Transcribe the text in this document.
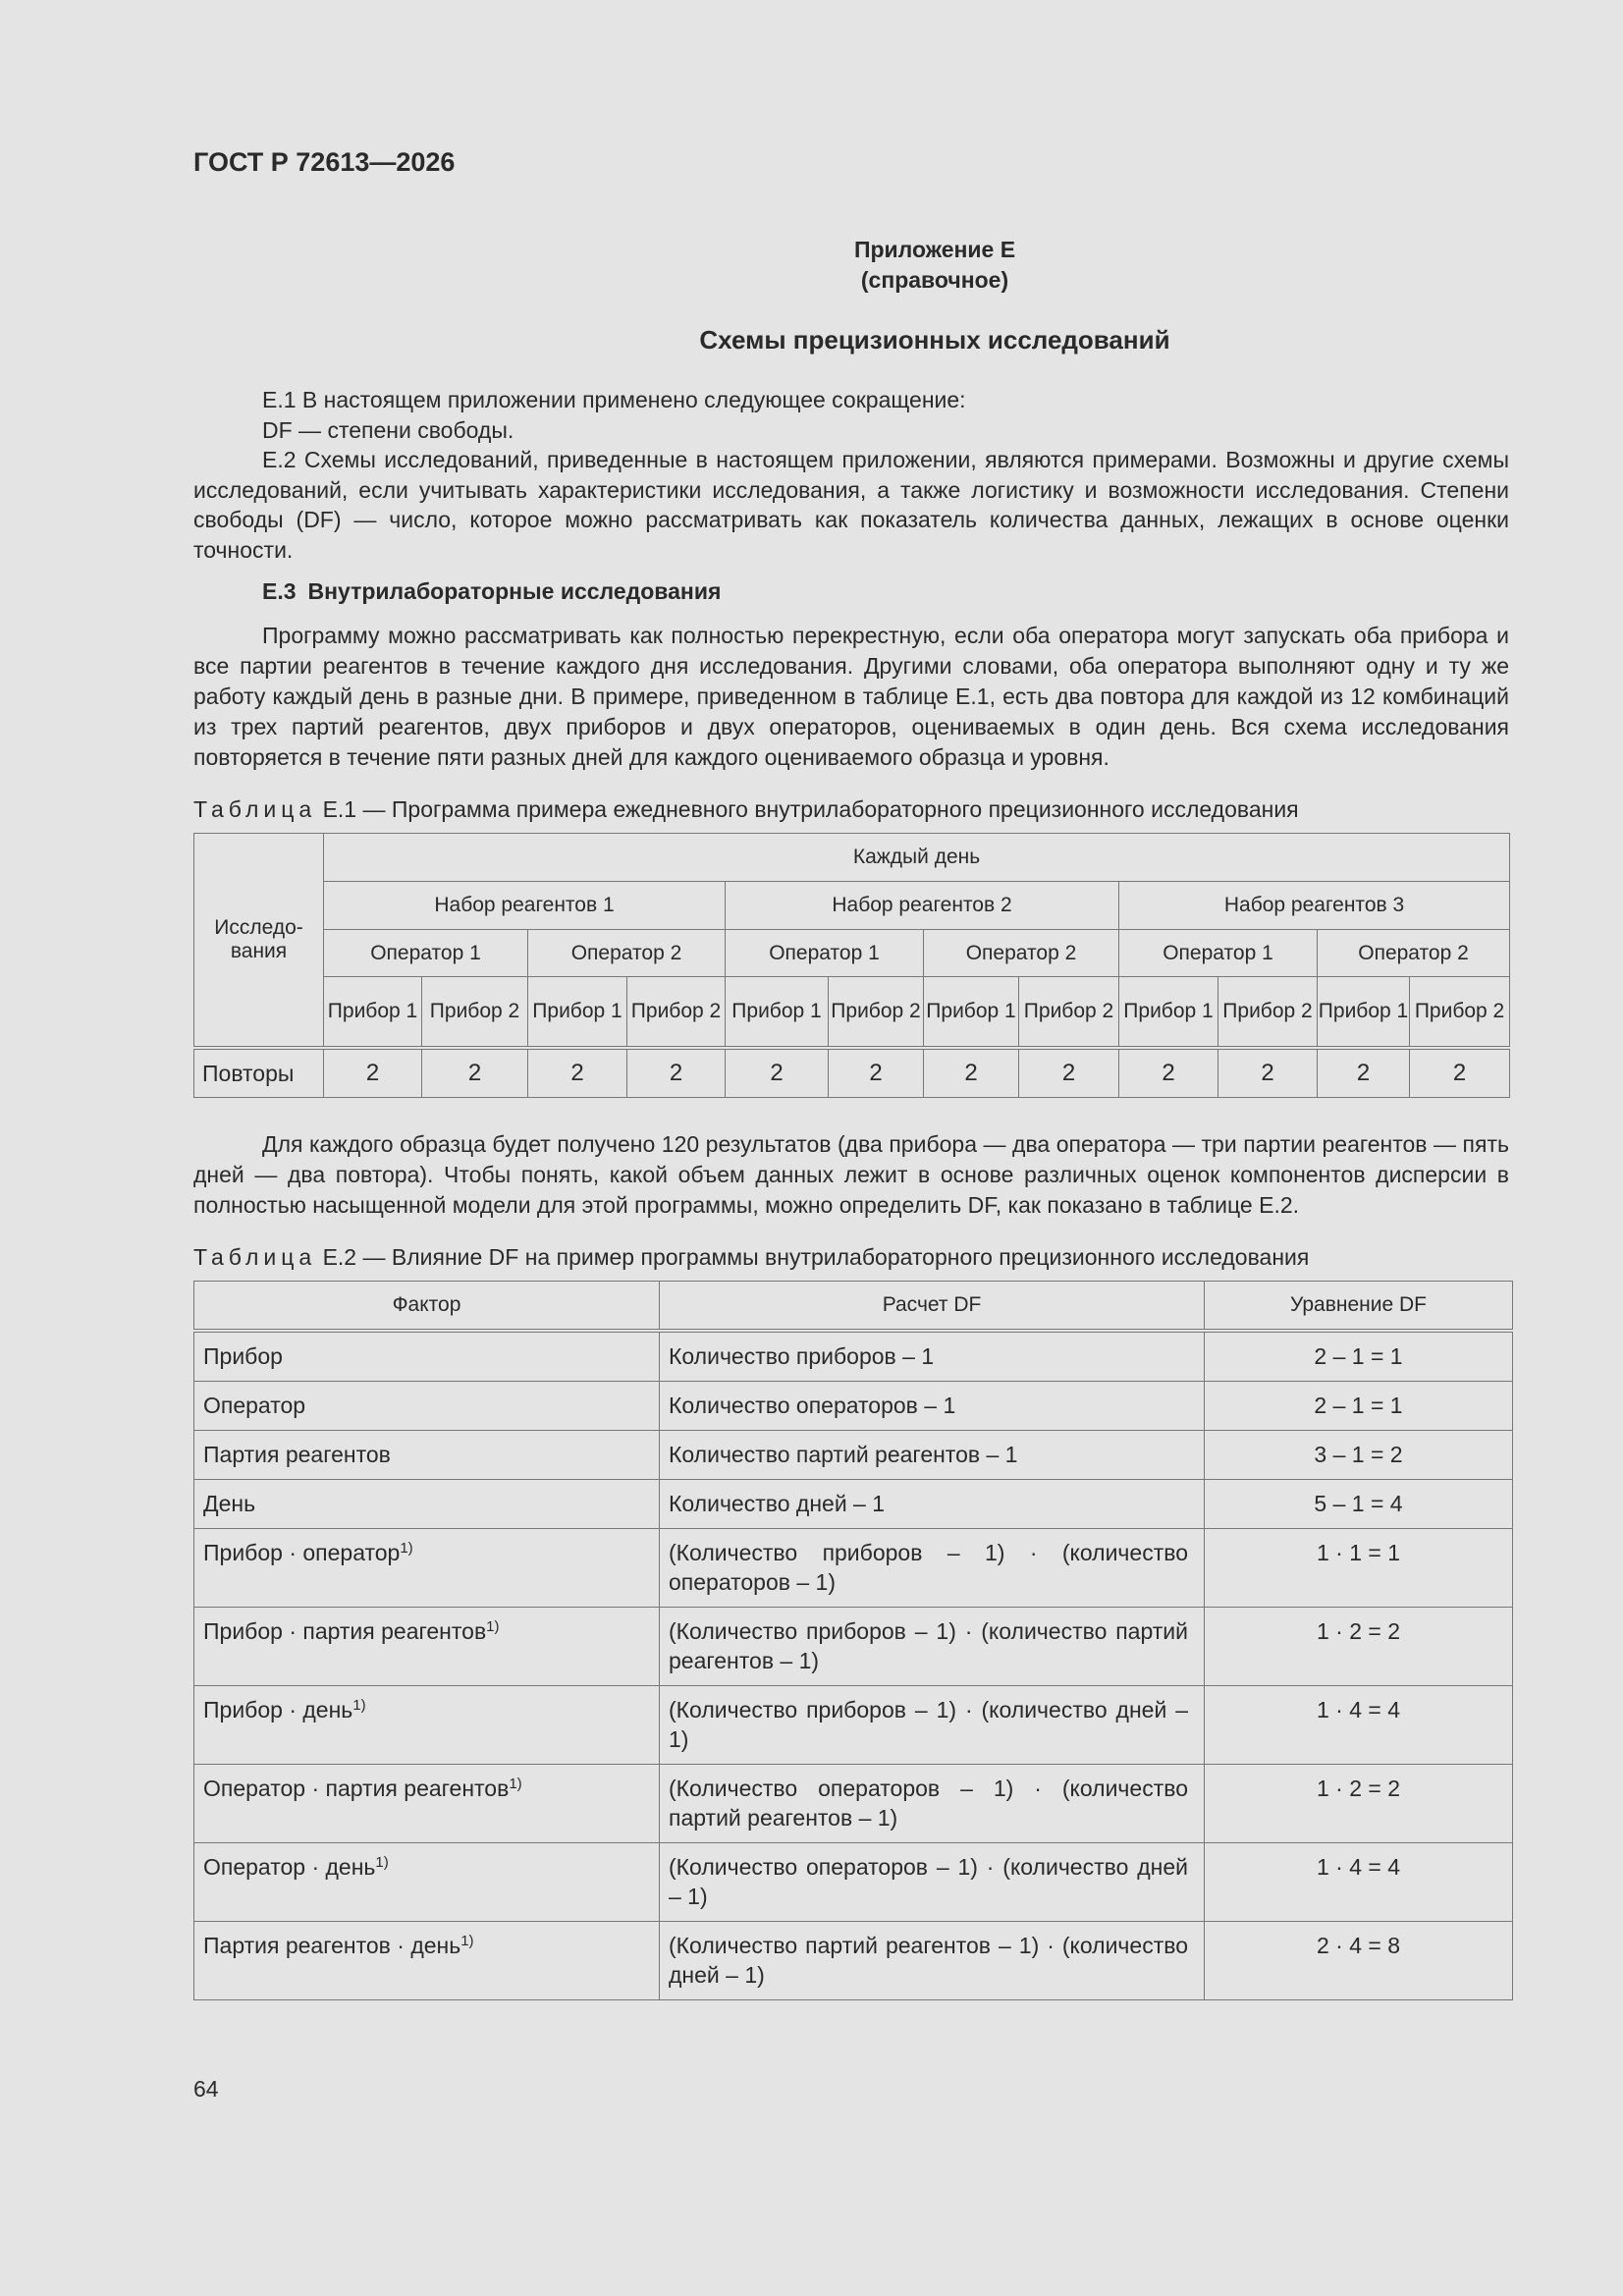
ГОСТ Р 72613—2026
Приложение Е
(справочное)
Схемы прецизионных исследований

Е.1 В настоящем приложении применено следующее сокращение:

DF — степени свободы.

Е.2 Схемы исследований, приведенные в настоящем приложении, являются примерами. Возможны и другие схемы исследований, если учитывать характеристики исследования, а также логистику и возможности исследования. Степени свободы (DF) — число, которое можно рассматривать как показатель количества данных, лежащих в основе оценки точности.

Е.3 Внутрилабораторные исследования

Программу можно рассматривать как полностью перекрестную, если оба оператора могут запускать оба прибора и все партии реагентов в течение каждого дня исследования. Другими словами, оба оператора выполняют одну и ту же работу каждый день в разные дни. В примере, приведенном в таблице Е.1, есть два повтора для каждой из 12 комбинаций из трех партий реагентов, двух приборов и двух операторов, оцениваемых в один день. Вся схема исследования повторяется в течение пяти разных дней для каждого оцениваемого образца и уровня.

Таблица Е.1 — Программа примера ежедневного внутрилабораторного прецизионного исследования
Исследо-вания	Каждый день											
	Набор реагентов 1				Набор реагентов 2				Набор реагентов 3			
	Оператор 1		Оператор 2		Оператор 1		Оператор 2		Оператор 1		Оператор 2	
	Прибор 1	Прибор 2	Прибор 1	Прибор 2	Прибор 1	Прибор 2	Прибор 1	Прибор 2	Прибор 1	Прибор 2	Прибор 1	Прибор 2
Повторы	2	2	2	2	2	2	2	2	2	2	2	2

Для каждого образца будет получено 120 результатов (два прибора — два оператора — три партии реагентов — пять дней — два повтора). Чтобы понять, какой объем данных лежит в основе различных оценок компонентов дисперсии в полностью насыщенной модели для этой программы, можно определить DF, как показано в таблице Е.2.

Таблица Е.2 — Влияние DF на пример программы внутрилабораторного прецизионного исследования
Фактор	Расчет DF	Уравнение DF
Прибор	Количество приборов – 1	2 – 1 = 1
Оператор	Количество операторов – 1	2 – 1 = 1
Партия реагентов	Количество партий реагентов – 1	3 – 1 = 2
День	Количество дней – 1	5 – 1 = 4
Прибор · оператор$^{1)}$	(Количество приборов – 1) · (количество операторов – 1)	1 · 1 = 1
Прибор · партия реагентов$^{1)}$	(Количество приборов – 1) · (количество партий реагентов – 1)	1 · 2 = 2
Прибор · день$^{1)}$	(Количество приборов – 1) · (количество дней – 1)	1 · 4 = 4
Оператор · партия реагентов$^{1)}$	(Количество операторов – 1) · (количество партий реагентов – 1)	1 · 2 = 2
Оператор · день$^{1)}$	(Количество операторов – 1) · (количество дней – 1)	1 · 4 = 4
Партия реагентов · день$^{1)}$	(Количество партий реагентов – 1) · (количество дней – 1)	2 · 4 = 8
64
